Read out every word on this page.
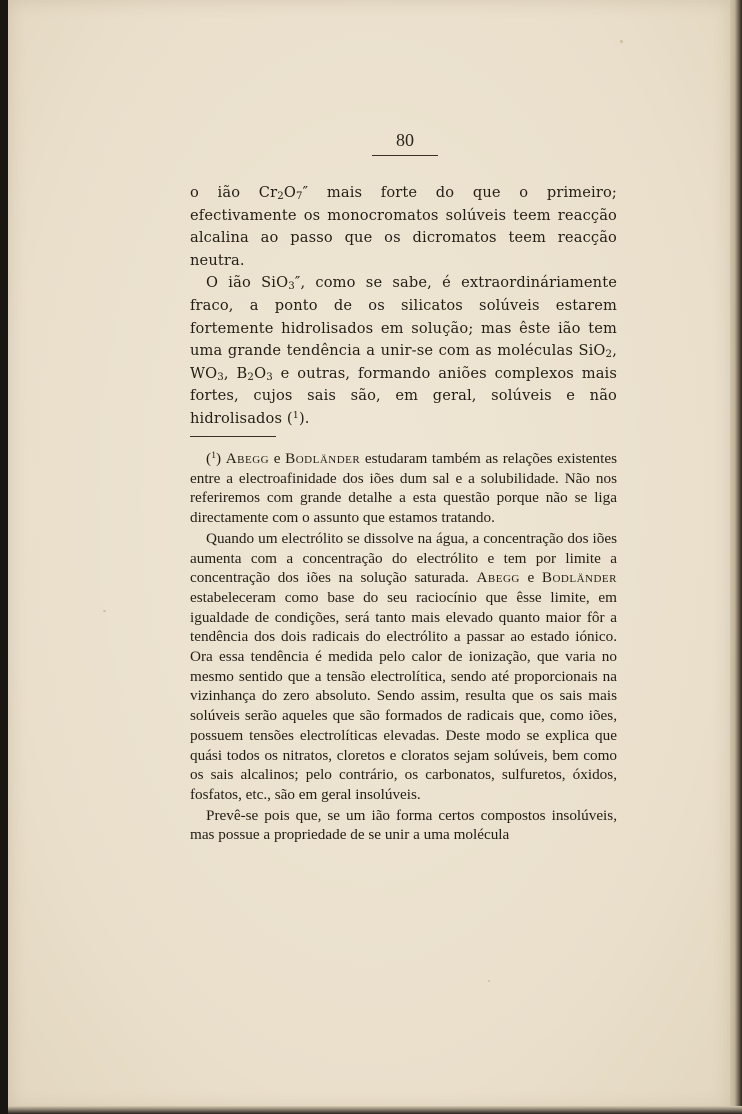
80

o ião $Cr_2O_7''$ mais forte do que o primeiro; efectivamente os monocromatos solúveis teem reacção alcalina ao passo que os dicromatos teem reacção neutra.

O ião SiO$_3$″, como se sabe, é extraordináriamente fraco, a ponto de os silicatos solúveis estarem fortemente hidrolisados em solução; mas êste ião tem uma grande tendência a unir-se com as moléculas SiO$_2$, $WO_3$, $B_2O_3$ e outras, formando aniões complexos mais fortes, cujos sais são, em geral, solúveis e não hidrolisados ($^1$).

($^1$) Abegg e Bodländer estudaram também as relações existentes entre a electroafinidade dos iões dum sal e a solubilidade. Não nos referiremos com grande detalhe a esta questão porque não se liga directamente com o assunto que estamos tratando.

Quando um electrólito se dissolve na água, a concentração dos iões aumenta com a concentração do electrólito e tem por limite a concentração dos iões na solução saturada. Abegg e Bodländer estabeleceram como base do seu raciocínio que êsse limite, em igualdade de condições, será tanto mais elevado quanto maior fôr a tendência dos dois radicais do electrólito a passar ao estado iónico. Ora essa tendência é medida pelo calor de ionização, que varia no mesmo sentido que a tensão electrolítica, sendo até proporcionais na vizinhança do zero absoluto. Sendo assim, resulta que os sais mais solúveis serão aqueles que são formados de radicais que, como iões, possuem tensões electrolíticas elevadas. Deste modo se explica que quási todos os nitratos, cloretos e cloratos sejam solúveis, bem como os sais alcalinos; pelo contrário, os carbonatos, sulfuretos, óxidos, fosfatos, etc., são em geral insolúveis.

Prevê-se pois que, se um ião forma certos compostos insolúveis, mas possue a propriedade de se unir a uma molécula
